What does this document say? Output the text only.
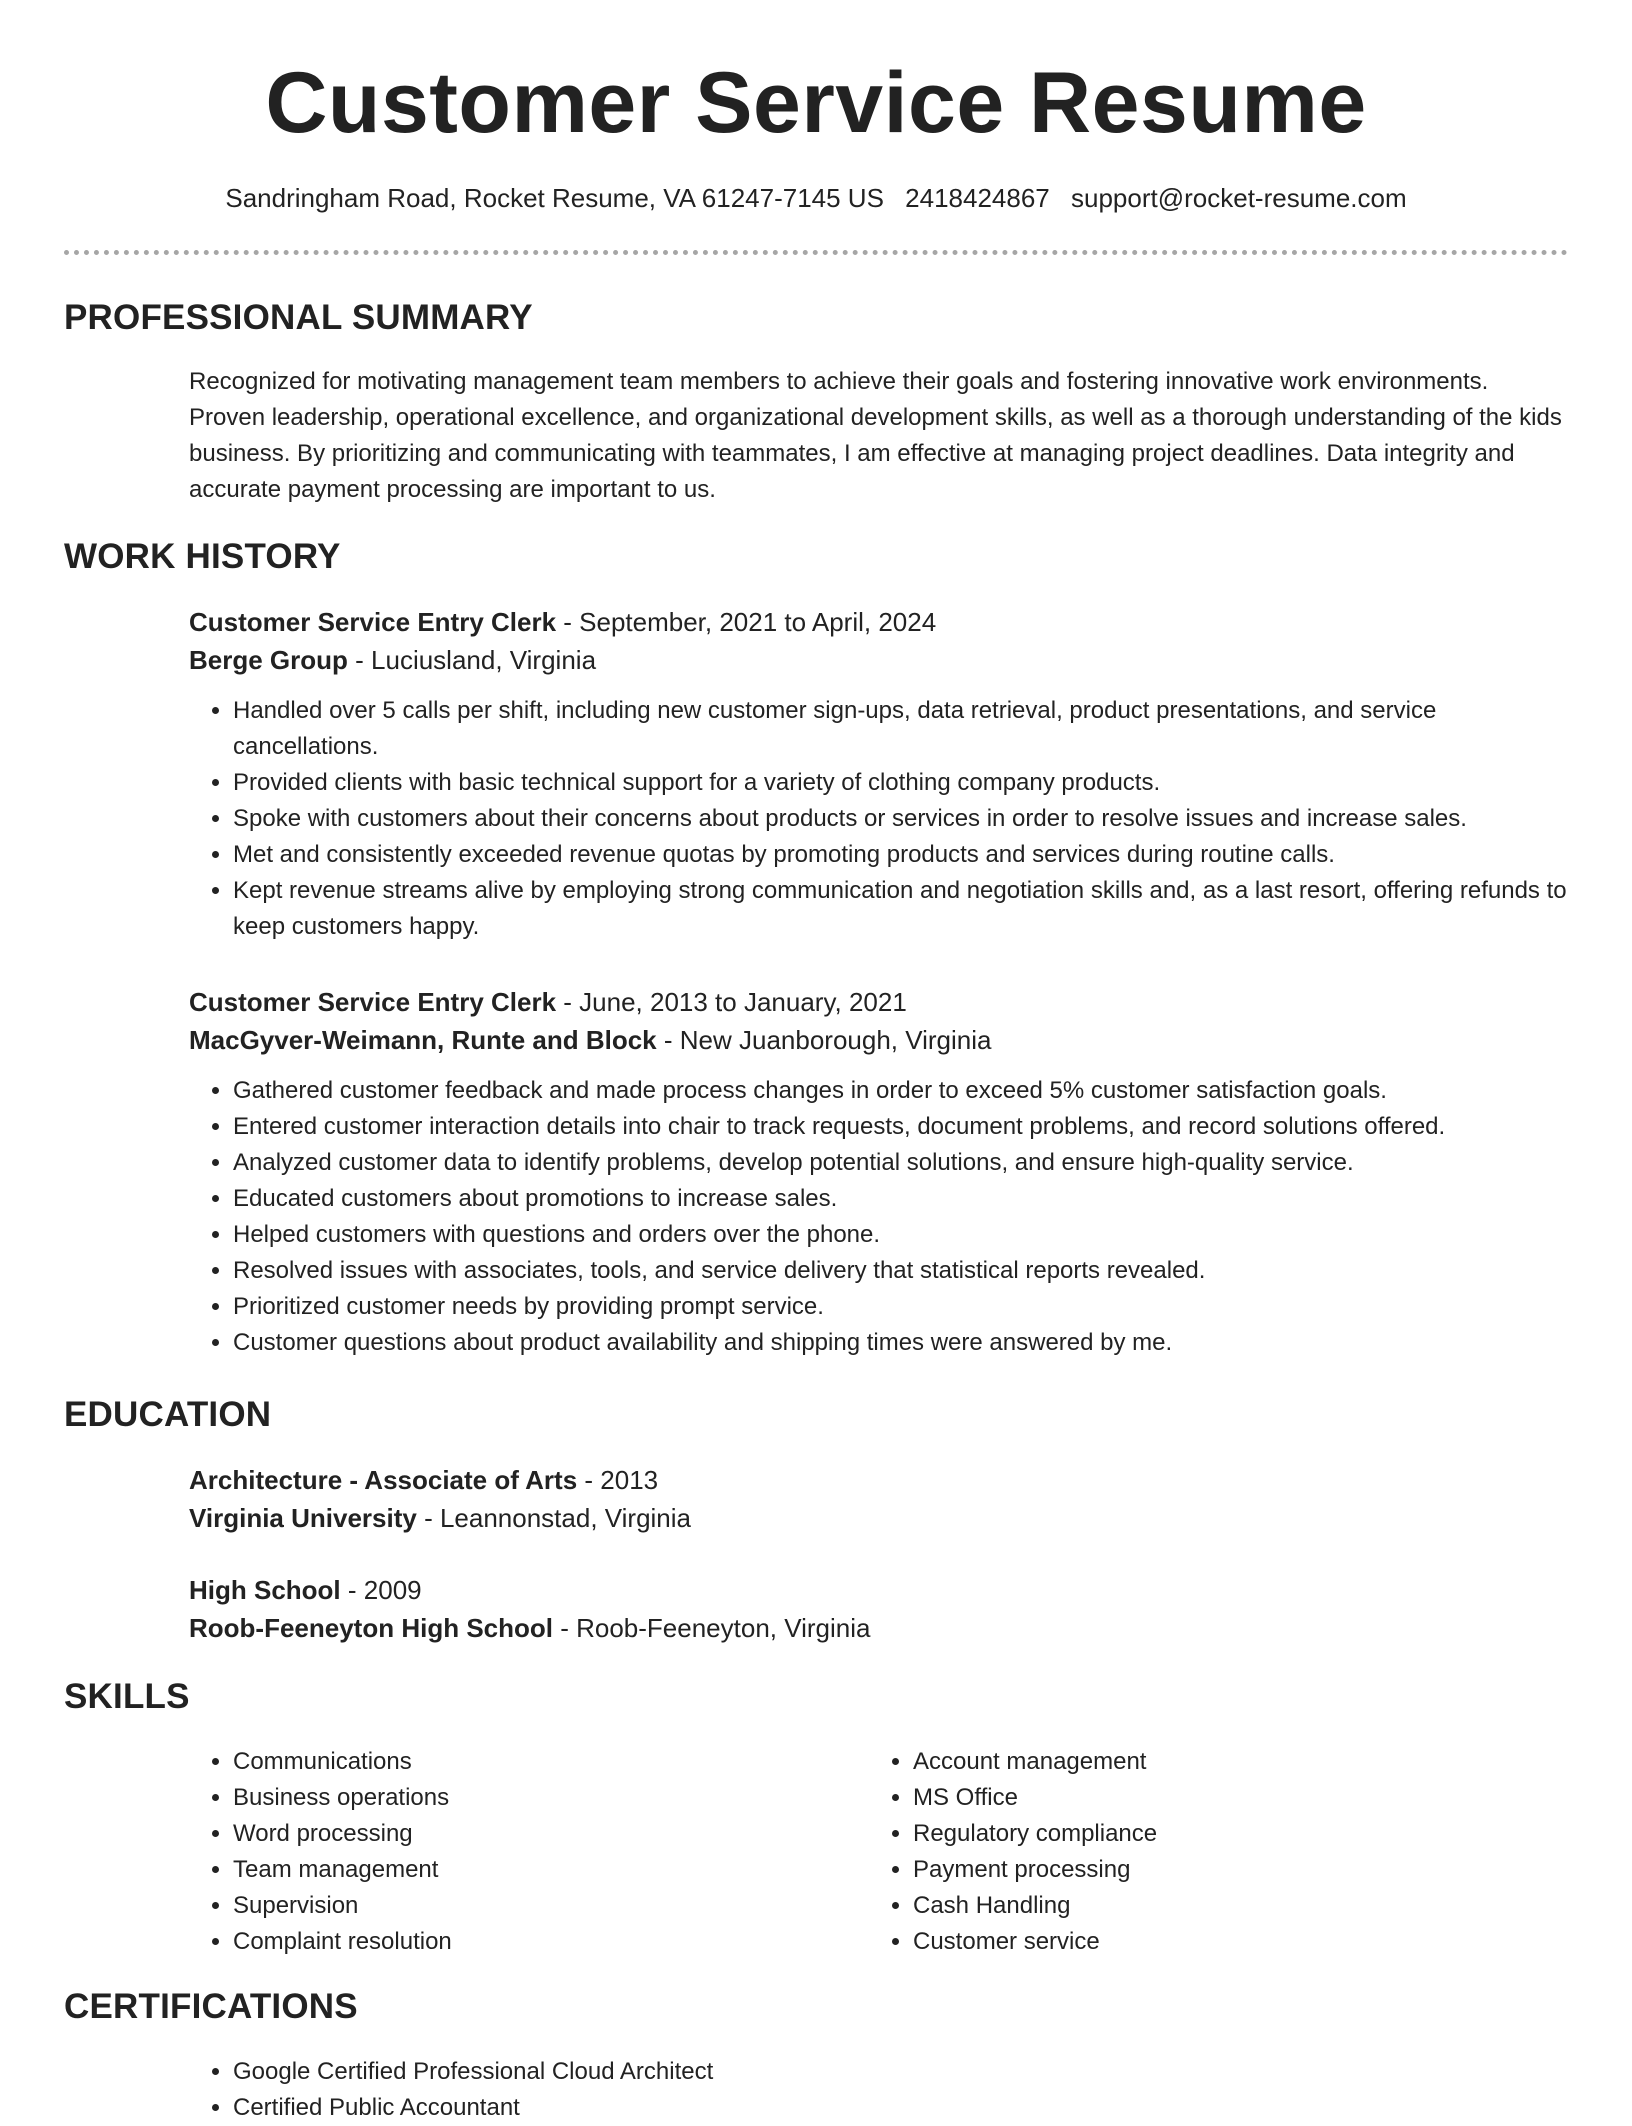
Customer Service Resume
Sandringham Road, Rocket Resume, VA 61247-7145 US 2418424867 support@rocket-resume.com
PROFESSIONAL SUMMARY

Recognized for motivating management team members to achieve their goals and fostering innovative work environments. Proven leadership, operational excellence, and organizational development skills, as well as a thorough understanding of the kids business. By prioritizing and communicating with teammates, I am effective at managing project deadlines. Data integrity and accurate payment processing are important to us.

WORK HISTORY

Customer Service Entry Clerk - September, 2021 to April, 2024

Berge Group - Luciusland, Virginia

• Handled over 5 calls per shift, including new customer sign-ups, data retrieval, product presentations, and service cancellations.
• Provided clients with basic technical support for a variety of clothing company products.
• Spoke with customers about their concerns about products or services in order to resolve issues and increase sales.
• Met and consistently exceeded revenue quotas by promoting products and services during routine calls.
• Kept revenue streams alive by employing strong communication and negotiation skills and, as a last resort, offering refunds to keep customers happy.

Customer Service Entry Clerk - June, 2013 to January, 2021

MacGyver-Weimann, Runte and Block - New Juanborough, Virginia

• Gathered customer feedback and made process changes in order to exceed 5% customer satisfaction goals.
• Entered customer interaction details into chair to track requests, document problems, and record solutions offered.
• Analyzed customer data to identify problems, develop potential solutions, and ensure high-quality service.
• Educated customers about promotions to increase sales.
• Helped customers with questions and orders over the phone.
• Resolved issues with associates, tools, and service delivery that statistical reports revealed.
• Prioritized customer needs by providing prompt service.
• Customer questions about product availability and shipping times were answered by me.
EDUCATION

Architecture - Associate of Arts - 2013

Virginia University - Leannonstad, Virginia

High School - 2009

Roob-Feeneyton High School - Roob-Feeneyton, Virginia

SKILLS
• Communications
• Business operations
• Word processing
• Team management
• Supervision
• Complaint resolution
• Account management
• MS Office
• Regulatory compliance
• Payment processing
• Cash Handling
• Customer service
CERTIFICATIONS
• Google Certified Professional Cloud Architect
• Certified Public Accountant
